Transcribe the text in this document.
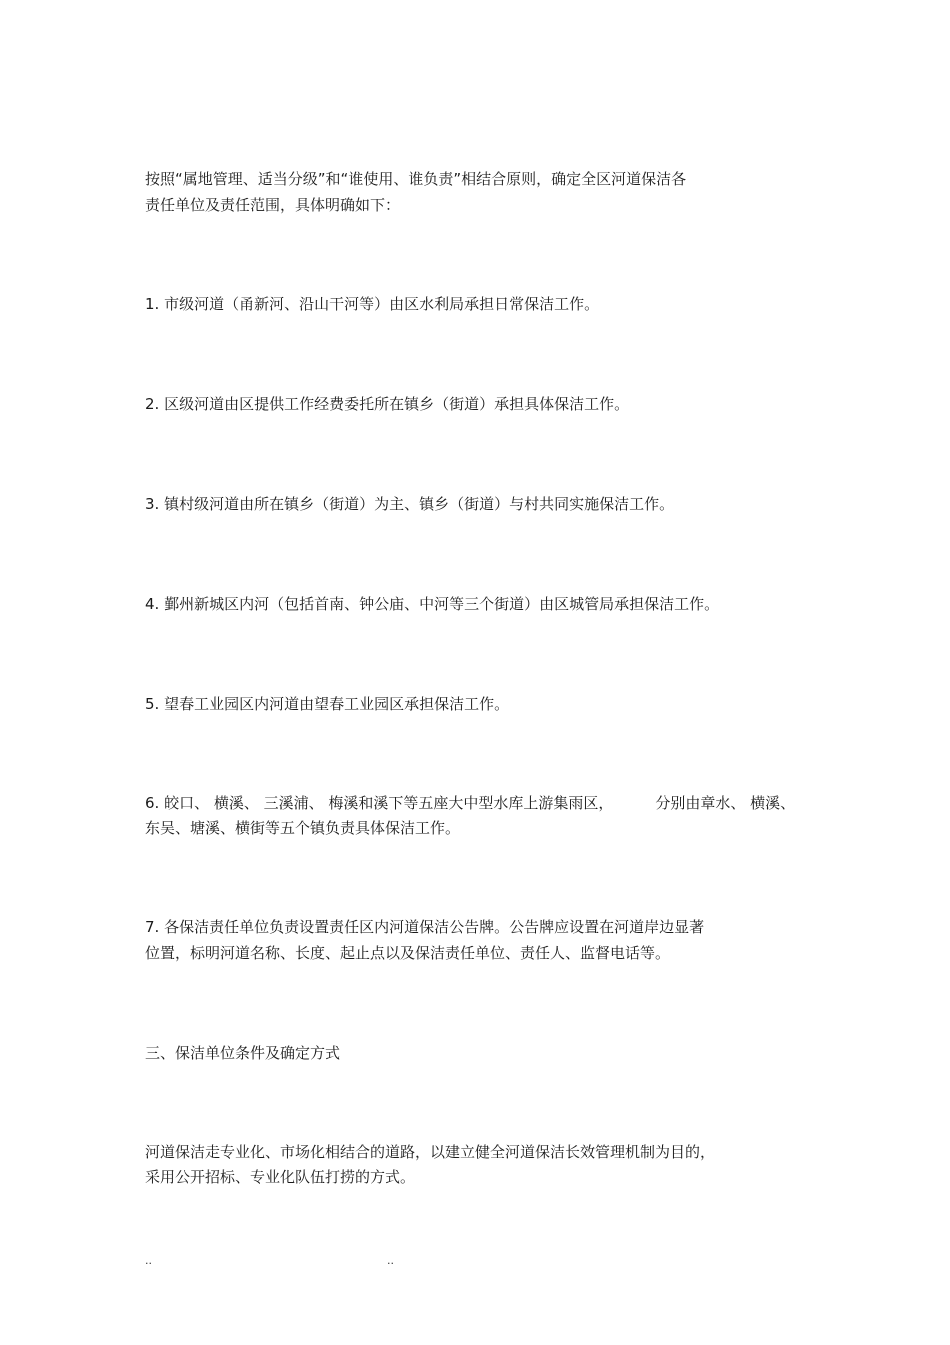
按照“属地管理、适当分级”和“谁使用、谁负责”相结合原则，确定全区河道保洁各
责任单位及责任范围，具体明确如下：
1. 市级河道（甬新河、沿山干河等）由区水利局承担日常保洁工作。
2. 区级河道由区提供工作经费委托所在镇乡（街道）承担具体保洁工作。
3. 镇村级河道由所在镇乡（街道）为主、镇乡（街道）与村共同实施保洁工作。
4. 鄞州新城区内河（包括首南、钟公庙、中河等三个街道）由区城管局承担保洁工作。
5. 望春工业园区内河道由望春工业园区承担保洁工作。
6. 皎口、 横溪、 三溪浦、 梅溪和溪下等五座大中型水库上游集雨区，	分别由章水、 横溪、
东吴、塘溪、横街等五个镇负责具体保洁工作。
7. 各保洁责任单位负责设置责任区内河道保洁公告牌。公告牌应设置在河道岸边显著
位置，标明河道名称、长度、起止点以及保洁责任单位、责任人、监督电话等。
三、保洁单位条件及确定方式
河道保洁走专业化、市场化相结合的道路，以建立健全河道保洁长效管理机制为目的，
采用公开招标、专业化队伍打捞的方式。
..	..
